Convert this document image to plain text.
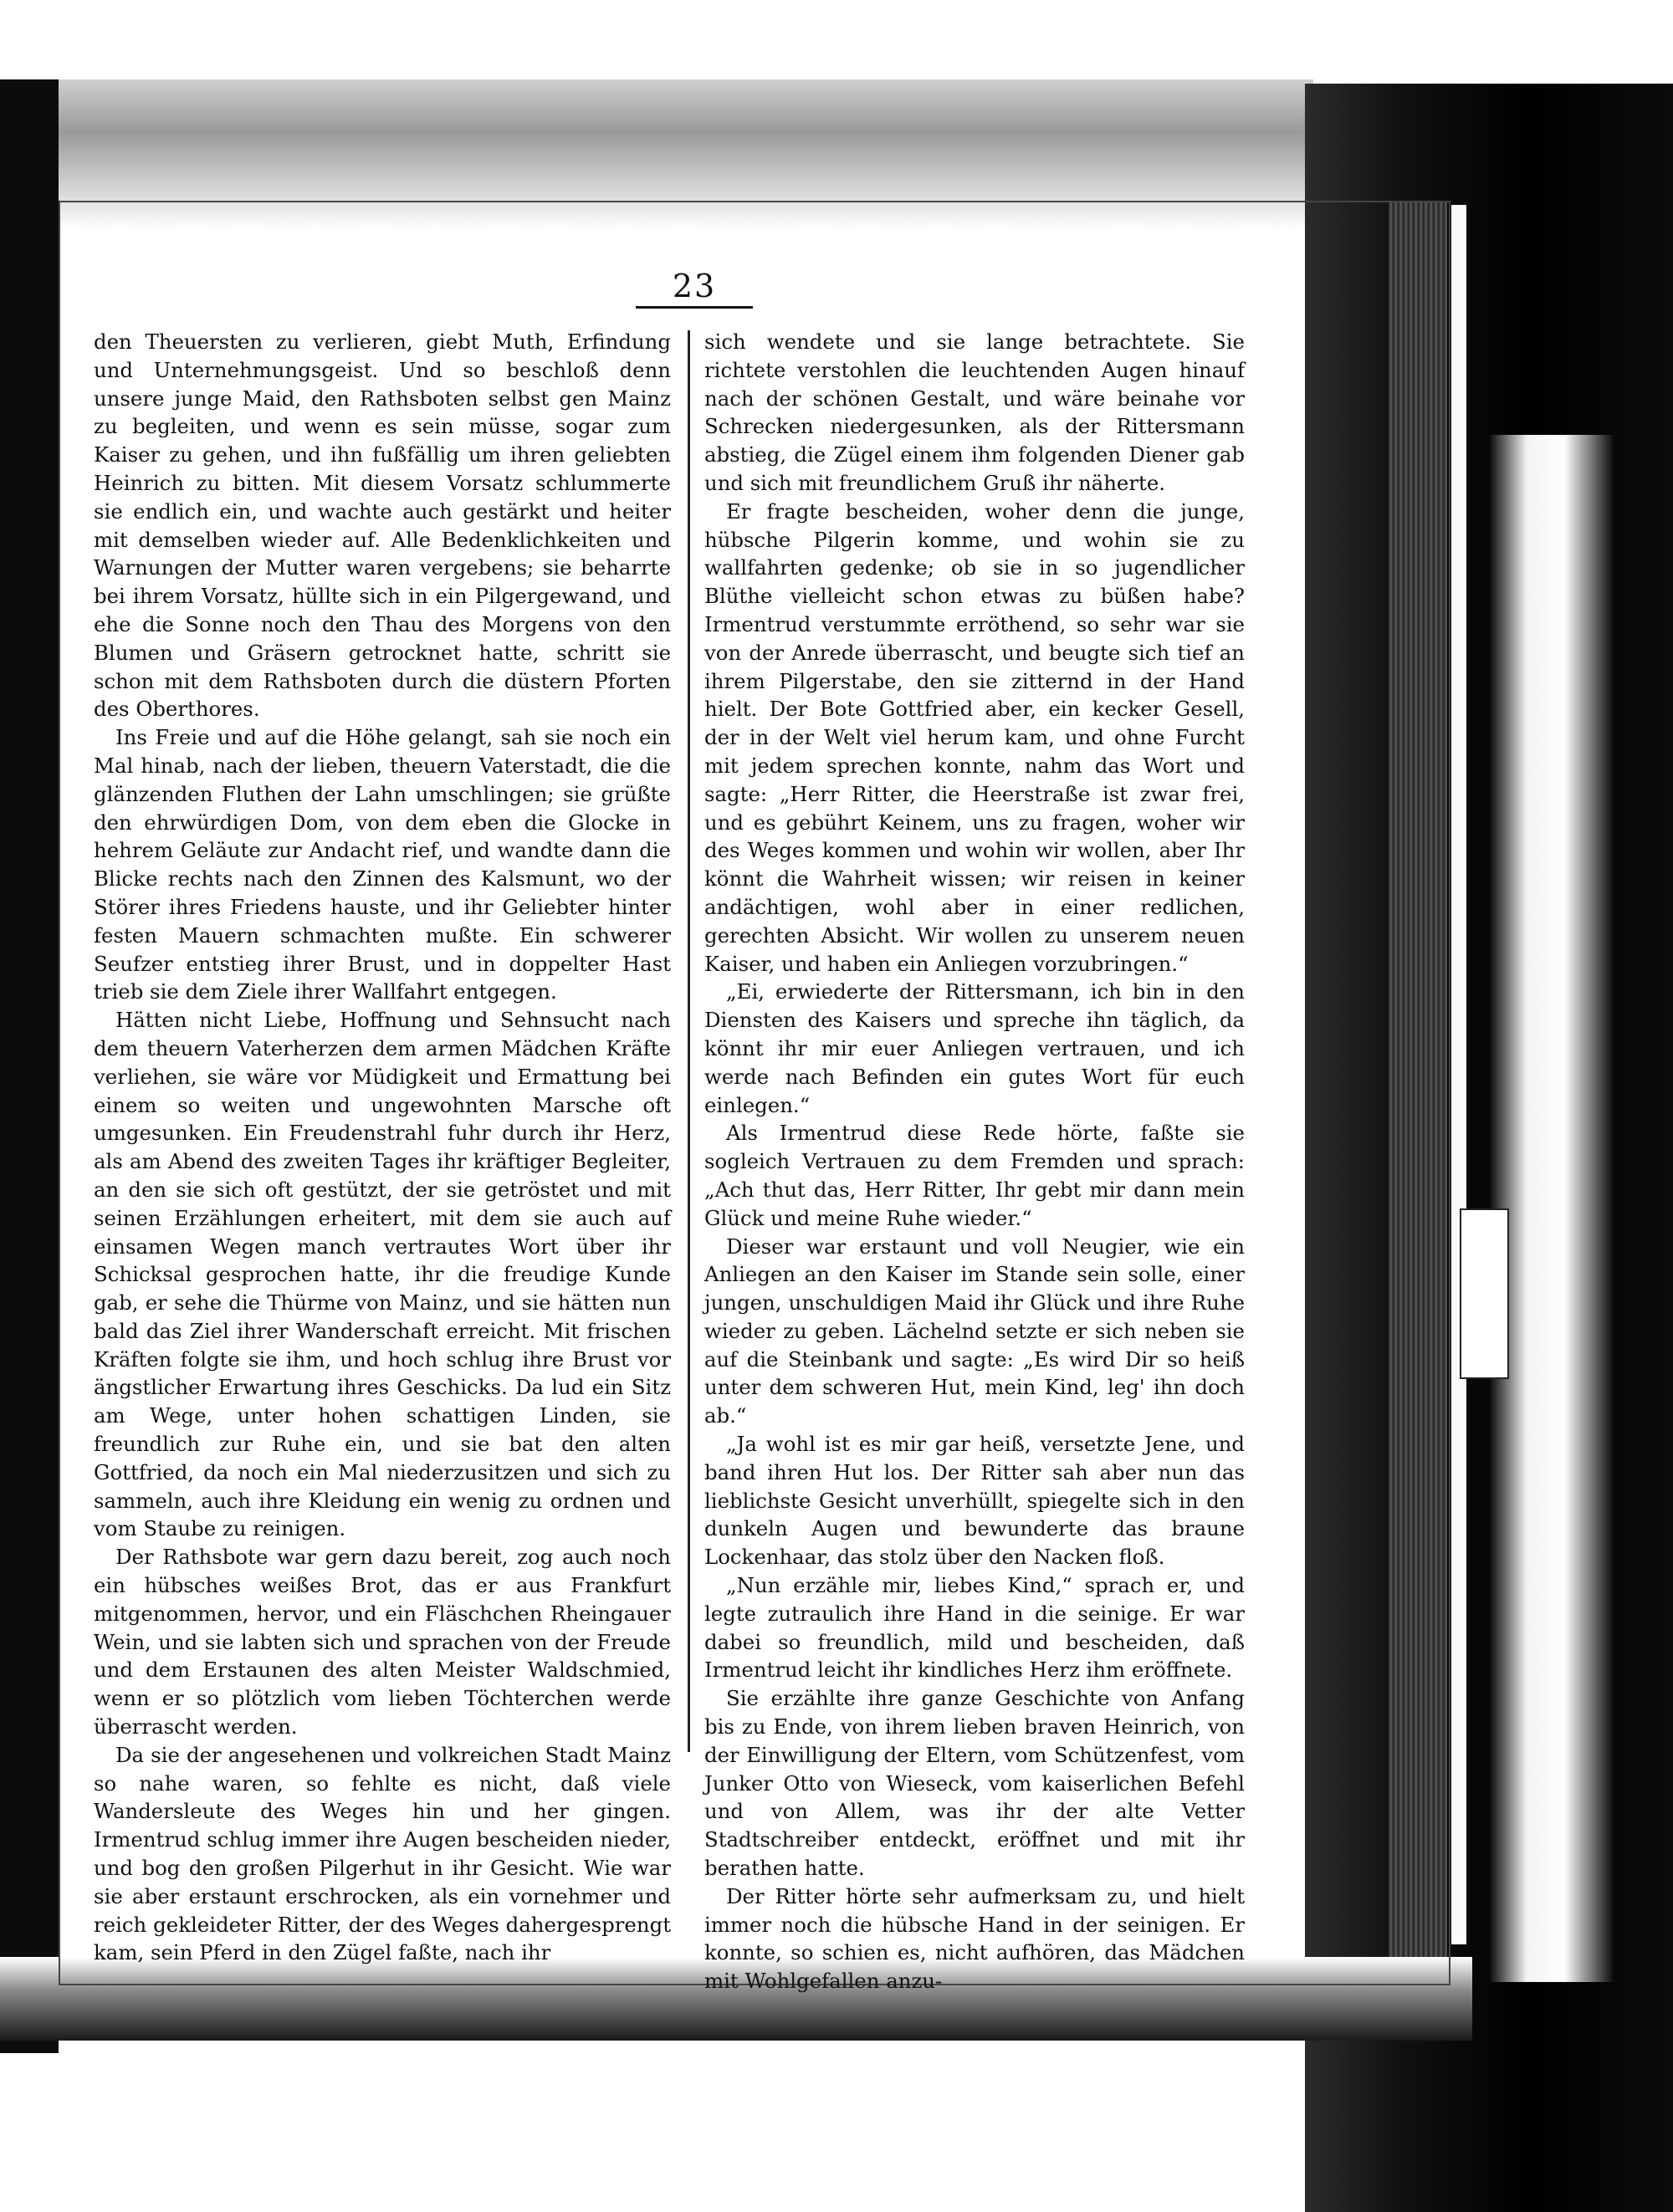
23

den Theuersten zu verlieren, giebt Muth, Erfindung und Unternehmungsgeist. Und so beschloß denn unsere junge Maid, den Rathsboten selbst gen Mainz zu begleiten, und wenn es sein müsse, sogar zum Kaiser zu gehen, und ihn fußfällig um ihren geliebten Heinrich zu bitten. Mit diesem Vorsatz schlummerte sie endlich ein, und wachte auch gestärkt und heiter mit demselben wieder auf. Alle Bedenklichkeiten und Warnungen der Mutter waren vergebens; sie beharrte bei ihrem Vorsatz, hüllte sich in ein Pilgergewand, und ehe die Sonne noch den Thau des Morgens von den Blumen und Gräsern getrocknet hatte, schritt sie schon mit dem Rathsboten durch die düstern Pforten des Oberthores.

Ins Freie und auf die Höhe gelangt, sah sie noch ein Mal hinab, nach der lieben, theuern Vaterstadt, die die glänzenden Fluthen der Lahn umschlingen; sie grüßte den ehrwürdigen Dom, von dem eben die Glocke in hehrem Geläute zur Andacht rief, und wandte dann die Blicke rechts nach den Zinnen des Kalsmunt, wo der Störer ihres Friedens hauste, und ihr Geliebter hinter festen Mauern schmachten mußte. Ein schwerer Seufzer entstieg ihrer Brust, und in doppelter Hast trieb sie dem Ziele ihrer Wallfahrt entgegen.

Hätten nicht Liebe, Hoffnung und Sehnsucht nach dem theuern Vaterherzen dem armen Mädchen Kräfte verliehen, sie wäre vor Müdigkeit und Ermattung bei einem so weiten und ungewohnten Marsche oft umgesunken. Ein Freudenstrahl fuhr durch ihr Herz, als am Abend des zweiten Tages ihr kräftiger Begleiter, an den sie sich oft gestützt, der sie getröstet und mit seinen Erzählungen erheitert, mit dem sie auch auf einsamen Wegen manch vertrautes Wort über ihr Schicksal gesprochen hatte, ihr die freudige Kunde gab, er sehe die Thürme von Mainz, und sie hätten nun bald das Ziel ihrer Wanderschaft erreicht. Mit frischen Kräften folgte sie ihm, und hoch schlug ihre Brust vor ängstlicher Erwartung ihres Geschicks. Da lud ein Sitz am Wege, unter hohen schattigen Linden, sie freundlich zur Ruhe ein, und sie bat den alten Gottfried, da noch ein Mal niederzusitzen und sich zu sammeln, auch ihre Kleidung ein wenig zu ordnen und vom Staube zu reinigen.

Der Rathsbote war gern dazu bereit, zog auch noch ein hübsches weißes Brot, das er aus Frankfurt mitgenommen, hervor, und ein Fläschchen Rheingauer Wein, und sie labten sich und sprachen von der Freude und dem Erstaunen des alten Meister Waldschmied, wenn er so plötzlich vom lieben Töchterchen werde überrascht werden.

Da sie der angesehenen und volkreichen Stadt Mainz so nahe waren, so fehlte es nicht, daß viele Wandersleute des Weges hin und her gingen. Irmentrud schlug immer ihre Augen bescheiden nieder, und bog den großen Pilgerhut in ihr Gesicht. Wie war sie aber erstaunt erschrocken, als ein vornehmer und reich gekleideter Ritter, der des Weges dahergesprengt kam, sein Pferd in den Zügel faßte, nach ihr

sich wendete und sie lange betrachtete. Sie richtete verstohlen die leuchtenden Augen hinauf nach der schönen Gestalt, und wäre beinahe vor Schrecken niedergesunken, als der Rittersmann abstieg, die Zügel einem ihm folgenden Diener gab und sich mit freundlichem Gruß ihr näherte.

Er fragte bescheiden, woher denn die junge, hübsche Pilgerin komme, und wohin sie zu wallfahrten gedenke; ob sie in so jugendlicher Blüthe vielleicht schon etwas zu büßen habe? Irmentrud verstummte erröthend, so sehr war sie von der Anrede überrascht, und beugte sich tief an ihrem Pilgerstabe, den sie zitternd in der Hand hielt. Der Bote Gottfried aber, ein kecker Gesell, der in der Welt viel herum kam, und ohne Furcht mit jedem sprechen konnte, nahm das Wort und sagte: „Herr Ritter, die Heerstraße ist zwar frei, und es gebührt Keinem, uns zu fragen, woher wir des Weges kommen und wohin wir wollen, aber Ihr könnt die Wahrheit wissen; wir reisen in keiner andächtigen, wohl aber in einer redlichen, gerechten Absicht. Wir wollen zu unserem neuen Kaiser, und haben ein Anliegen vorzubringen.“

„Ei, erwiederte der Rittersmann, ich bin in den Diensten des Kaisers und spreche ihn täglich, da könnt ihr mir euer Anliegen vertrauen, und ich werde nach Befinden ein gutes Wort für euch einlegen.“

Als Irmentrud diese Rede hörte, faßte sie sogleich Vertrauen zu dem Fremden und sprach: „Ach thut das, Herr Ritter, Ihr gebt mir dann mein Glück und meine Ruhe wieder.“

Dieser war erstaunt und voll Neugier, wie ein Anliegen an den Kaiser im Stande sein solle, einer jungen, unschuldigen Maid ihr Glück und ihre Ruhe wieder zu geben. Lächelnd setzte er sich neben sie auf die Steinbank und sagte: „Es wird Dir so heiß unter dem schweren Hut, mein Kind, leg' ihn doch ab.“

„Ja wohl ist es mir gar heiß, versetzte Jene, und band ihren Hut los. Der Ritter sah aber nun das lieblichste Gesicht unverhüllt, spiegelte sich in den dunkeln Augen und bewunderte das braune Lockenhaar, das stolz über den Nacken floß.

„Nun erzähle mir, liebes Kind,“ sprach er, und legte zutraulich ihre Hand in die seinige. Er war dabei so freundlich, mild und bescheiden, daß Irmentrud leicht ihr kindliches Herz ihm eröffnete.

Sie erzählte ihre ganze Geschichte von Anfang bis zu Ende, von ihrem lieben braven Heinrich, von der Einwilligung der Eltern, vom Schützenfest, vom Junker Otto von Wieseck, vom kaiserlichen Befehl und von Allem, was ihr der alte Vetter Stadtschreiber entdeckt, eröffnet und mit ihr berathen hatte.

Der Ritter hörte sehr aufmerksam zu, und hielt immer noch die hübsche Hand in der seinigen. Er konnte, so schien es, nicht aufhören, das Mädchen mit Wohlgefallen anzu-
